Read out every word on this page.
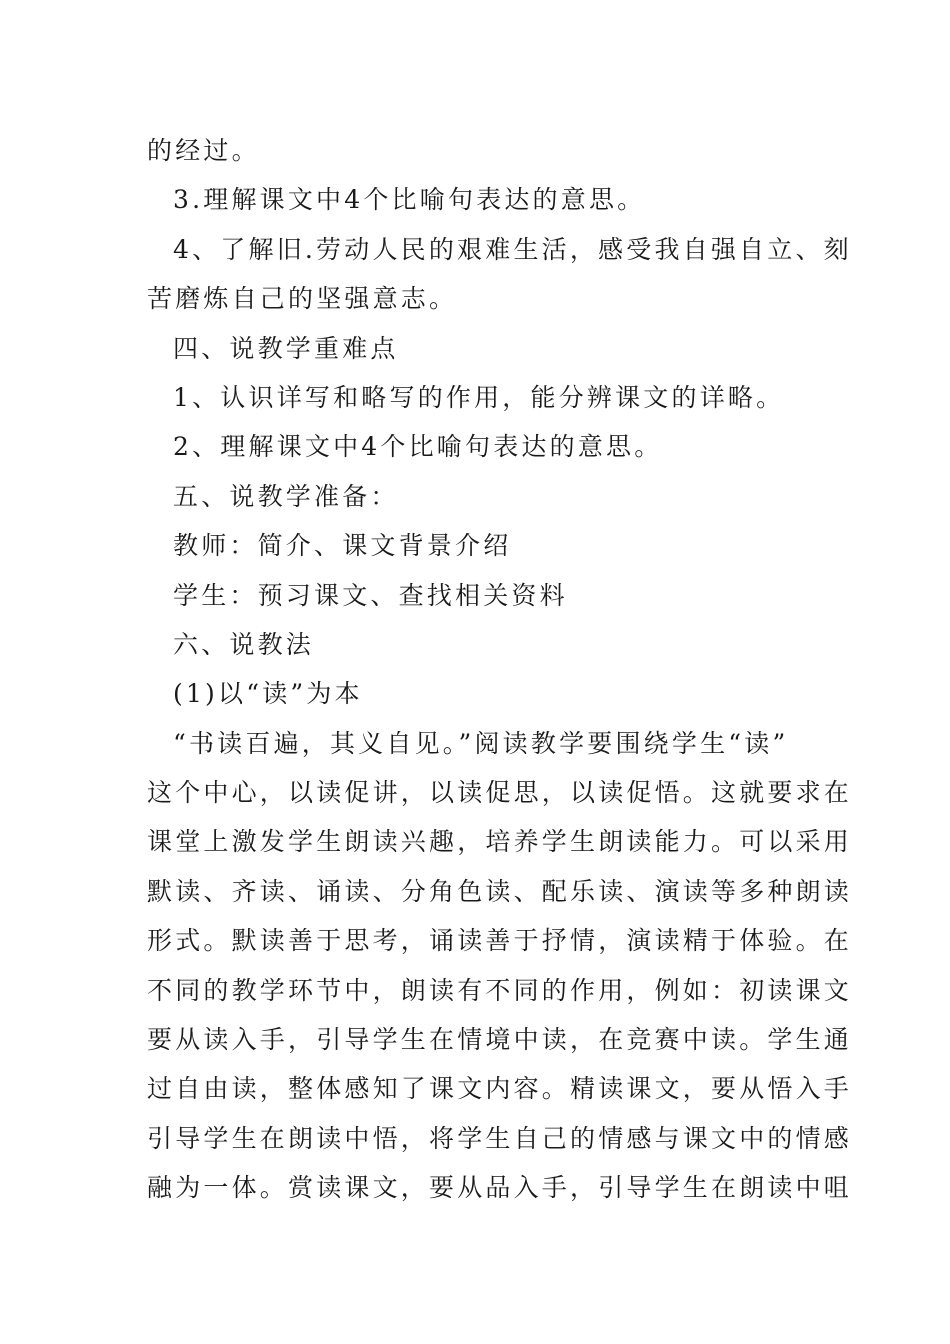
的经过。
3.理解课文中4个比喻句表达的意思。
4、了解旧.劳动人民的艰难生活，感受我自强自立、刻
苦磨炼自己的坚强意志。
四、说教学重难点
1、认识详写和略写的作用，能分辨课文的详略。
2、理解课文中4个比喻句表达的意思。
五、说教学准备：
教师：简介、课文背景介绍
学生：预习课文、查找相关资料
六、说教法
(1)以“读”为本
“书读百遍，其义自见。”阅读教学要围绕学生“读”
这个中心，以读促讲，以读促思，以读促悟。这就要求在
课堂上激发学生朗读兴趣，培养学生朗读能力。可以采用
默读、齐读、诵读、分角色读、配乐读、演读等多种朗读
形式。默读善于思考，诵读善于抒情，演读精于体验。在
不同的教学环节中，朗读有不同的作用，例如：初读课文
要从读入手，引导学生在情境中读，在竞赛中读。学生通
过自由读，整体感知了课文内容。精读课文，要从悟入手
引导学生在朗读中悟，将学生自己的情感与课文中的情感
融为一体。赏读课文，要从品入手，引导学生在朗读中咀
